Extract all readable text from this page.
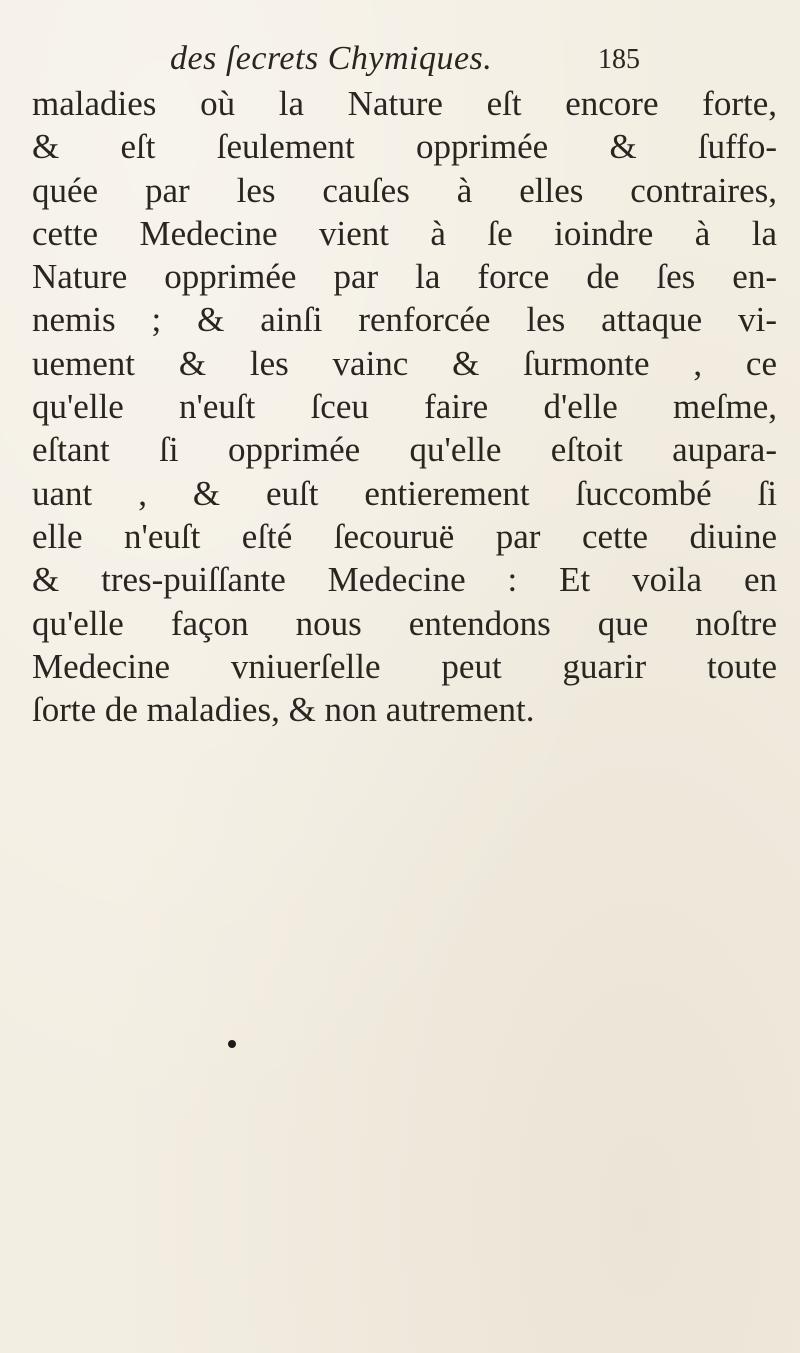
des ſecrets Chymiques.	185
maladies où la Nature eſt encore forte,
& eſt ſeulement opprimée & ſuffo-
quée par les cauſes à elles contraires,
cette Medecine vient à ſe ioindre à la
Nature opprimée par la force de ſes en-
nemis ; & ainſi renforcée les attaque vi-
uement & les vainc & ſurmonte , ce
qu'elle n'euſt ſceu faire d'elle meſme,
eſtant ſi opprimée qu'elle eſtoit aupara-
uant , & euſt entierement ſuccombé ſi
elle n'euſt eſté ſecouruë par cette diuine
& tres-puiſſante Medecine : Et voila en
qu'elle façon nous entendons que noſtre
Medecine vniuerſelle peut guarir toute
ſorte de maladies, & non autrement.
